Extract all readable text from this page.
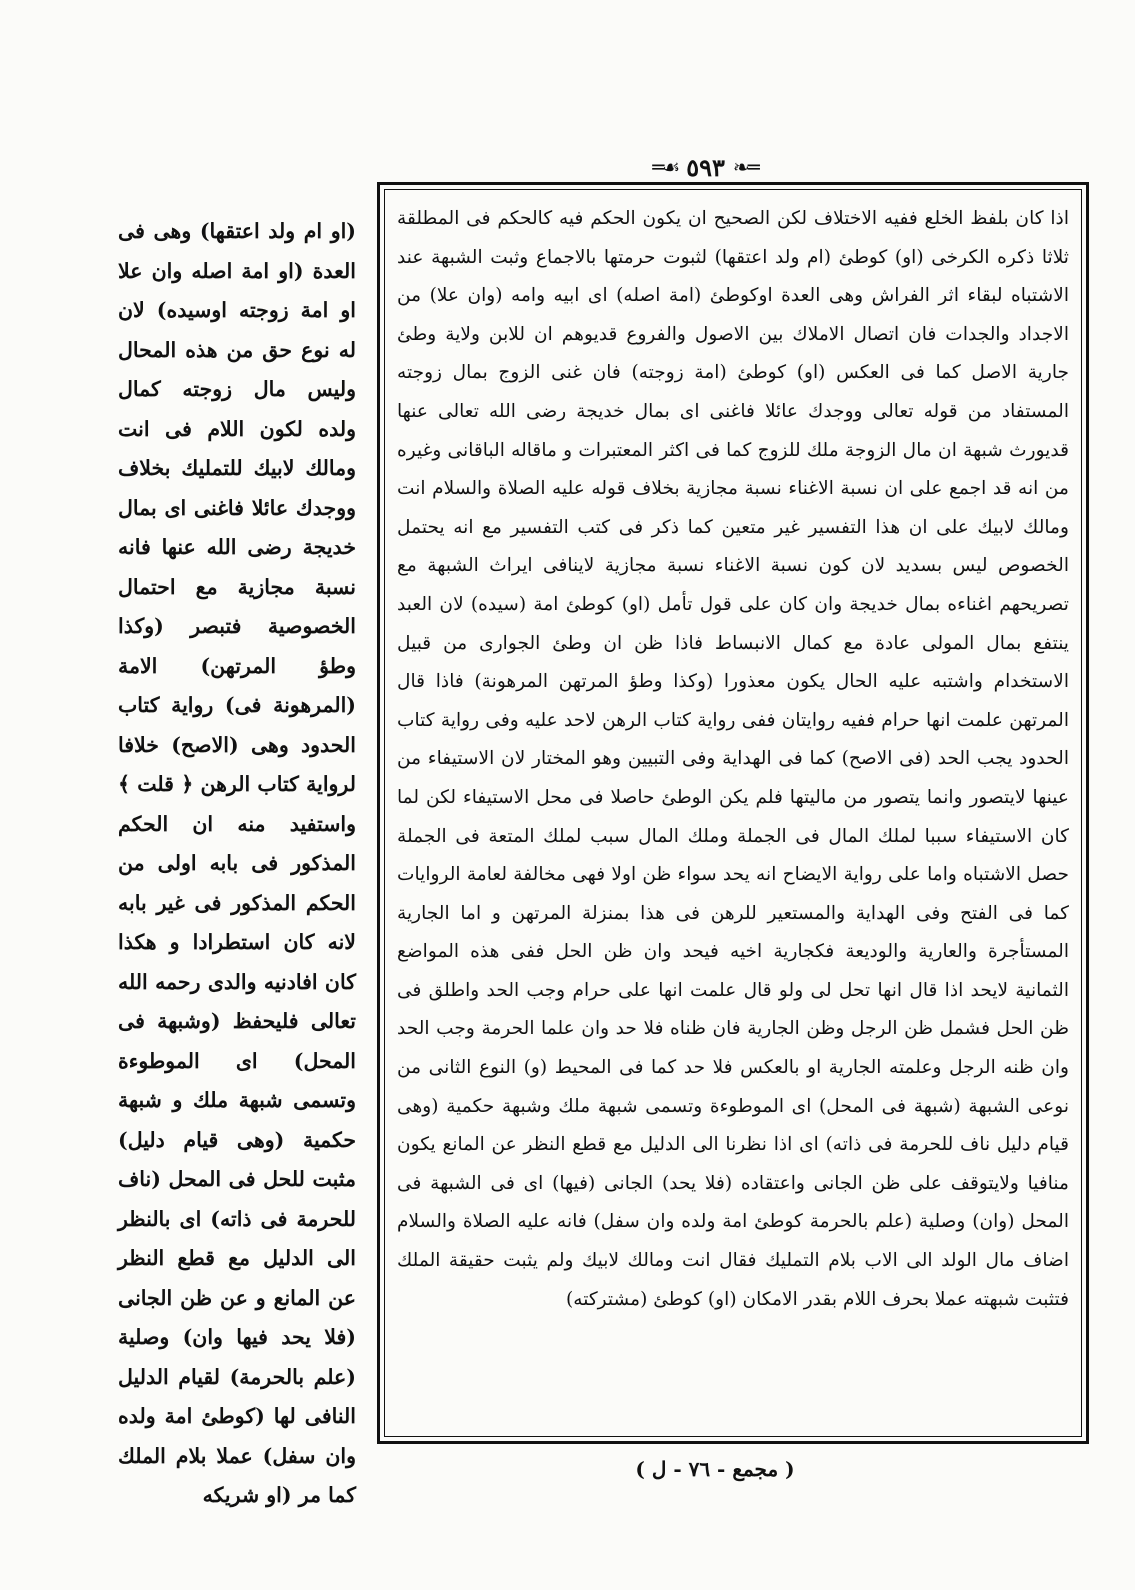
═☙ ٥٩٣ ❧═

اذا كان بلفظ الخلع ففيه الاختلاف لكن الصحيح ان يكون الحكم فيه كالحكم فى المطلقة ثلاثا ذكره الكرخى (او) كوطئ (ام ولد اعتقها) لثبوت حرمتها بالاجماع وثبت الشبهة عند الاشتباه لبقاء اثر الفراش وهى العدة اوكوطئ (امة اصله) اى ابيه وامه (وان علا) من الاجداد والجدات فان اتصال الاملاك بين الاصول والفروع قديوهم ان للابن ولاية وطئ جارية الاصل كما فى العكس (او) كوطئ (امة زوجته) فان غنى الزوج بمال زوجته المستفاد من قوله تعالى ووجدك عائلا فاغنى اى بمال خديجة رضى الله تعالى عنها قديورث شبهة ان مال الزوجة ملك للزوج كما فى اكثر المعتبرات و ماقاله الباقانى وغيره من انه قد اجمع على ان نسبة الاغناء نسبة مجازية بخلاف قوله عليه الصلاة والسلام انت ومالك لابيك على ان هذا التفسير غير متعين كما ذكر فى كتب التفسير مع انه يحتمل الخصوص ليس بسديد لان كون نسبة الاغناء نسبة مجازية لاينافى ايراث الشبهة مع تصريحهم اغناءه بمال خديجة وان كان على قول تأمل (او) كوطئ امة (سيده) لان العبد ينتفع بمال المولى عادة مع كمال الانبساط فاذا ظن ان وطئ الجوارى من قبيل الاستخدام واشتبه عليه الحال يكون معذورا (وكذا وطؤ المرتهن المرهونة) فاذا قال المرتهن علمت انها حرام ففيه روايتان ففى رواية كتاب الرهن لاحد عليه وفى رواية كتاب الحدود يجب الحد (فى الاصح) كما فى الهداية وفى التبيين وهو المختار لان الاستيفاء من عينها لايتصور وانما يتصور من ماليتها فلم يكن الوطئ حاصلا فى محل الاستيفاء لكن لما كان الاستيفاء سببا لملك المال فى الجملة وملك المال سبب لملك المتعة فى الجملة حصل الاشتباه واما على رواية الايضاح انه يحد سواء ظن اولا فهى مخالفة لعامة الروايات كما فى الفتح وفى الهداية والمستعير للرهن فى هذا بمنزلة المرتهن و اما الجارية المستأجرة والعارية والوديعة فكجارية اخيه فيحد وان ظن الحل ففى هذه المواضع الثمانية لايحد اذا قال انها تحل لى ولو قال علمت انها على حرام وجب الحد واطلق فى ظن الحل فشمل ظن الرجل وظن الجارية فان ظناه فلا حد وان علما الحرمة وجب الحد وان ظنه الرجل وعلمته الجارية او بالعكس فلا حد كما فى المحيط (و) النوع الثانى من نوعى الشبهة (شبهة فى المحل) اى الموطوءة وتسمى شبهة ملك وشبهة حكمية (وهى قيام دليل ناف للحرمة فى ذاته) اى اذا نظرنا الى الدليل مع قطع النظر عن المانع يكون منافيا ولايتوقف على ظن الجانى واعتقاده (فلا يحد) الجانى (فيها) اى فى الشبهة فى المحل (وان) وصلية (علم بالحرمة كوطئ امة ولده وان سفل) فانه عليه الصلاة والسلام اضاف مال الولد الى الاب بلام التمليك فقال انت ومالك لابيك ولم يثبت حقيقة الملك فتثبت شبهته عملا بحرف اللام بقدر الامكان (او) كوطئ (مشتركته)

(او ام ولد اعتقها) وهى فى العدة (او امة اصله وان علا او امة زوجته اوسيده) لان له نوع حق من هذه المحال وليس مال زوجته كمال ولده لكون اللام فى انت ومالك لابيك للتمليك بخلاف ووجدك عائلا فاغنى اى بمال خديجة رضى الله عنها فانه نسبة مجازية مع احتمال الخصوصية فتبصر (وكذا وطؤ المرتهن) الامة (المرهونة فى) رواية كتاب الحدود وهى (الاصح) خلافا لرواية كتاب الرهن ﴿ قلت ﴾ واستفيد منه ان الحكم المذكور فى بابه اولى من الحكم المذكور فى غير بابه لانه كان استطرادا و هكذا كان افادنيه والدى رحمه الله تعالى فليحفظ (وشبهة فى المحل) اى الموطوءة وتسمى شبهة ملك و شبهة حكمية (وهى قيام دليل) مثبت للحل فى المحل (ناف للحرمة فى ذاته) اى بالنظر الى الدليل مع قطع النظر عن المانع و عن ظن الجانى (فلا يحد فيها وان) وصلية (علم بالحرمة) لقيام الدليل النافى لها (كوطئ امة ولده وان سفل) عملا بلام الملك كما مر (او شريكه

( مجمع - ٧٦ - ل )
